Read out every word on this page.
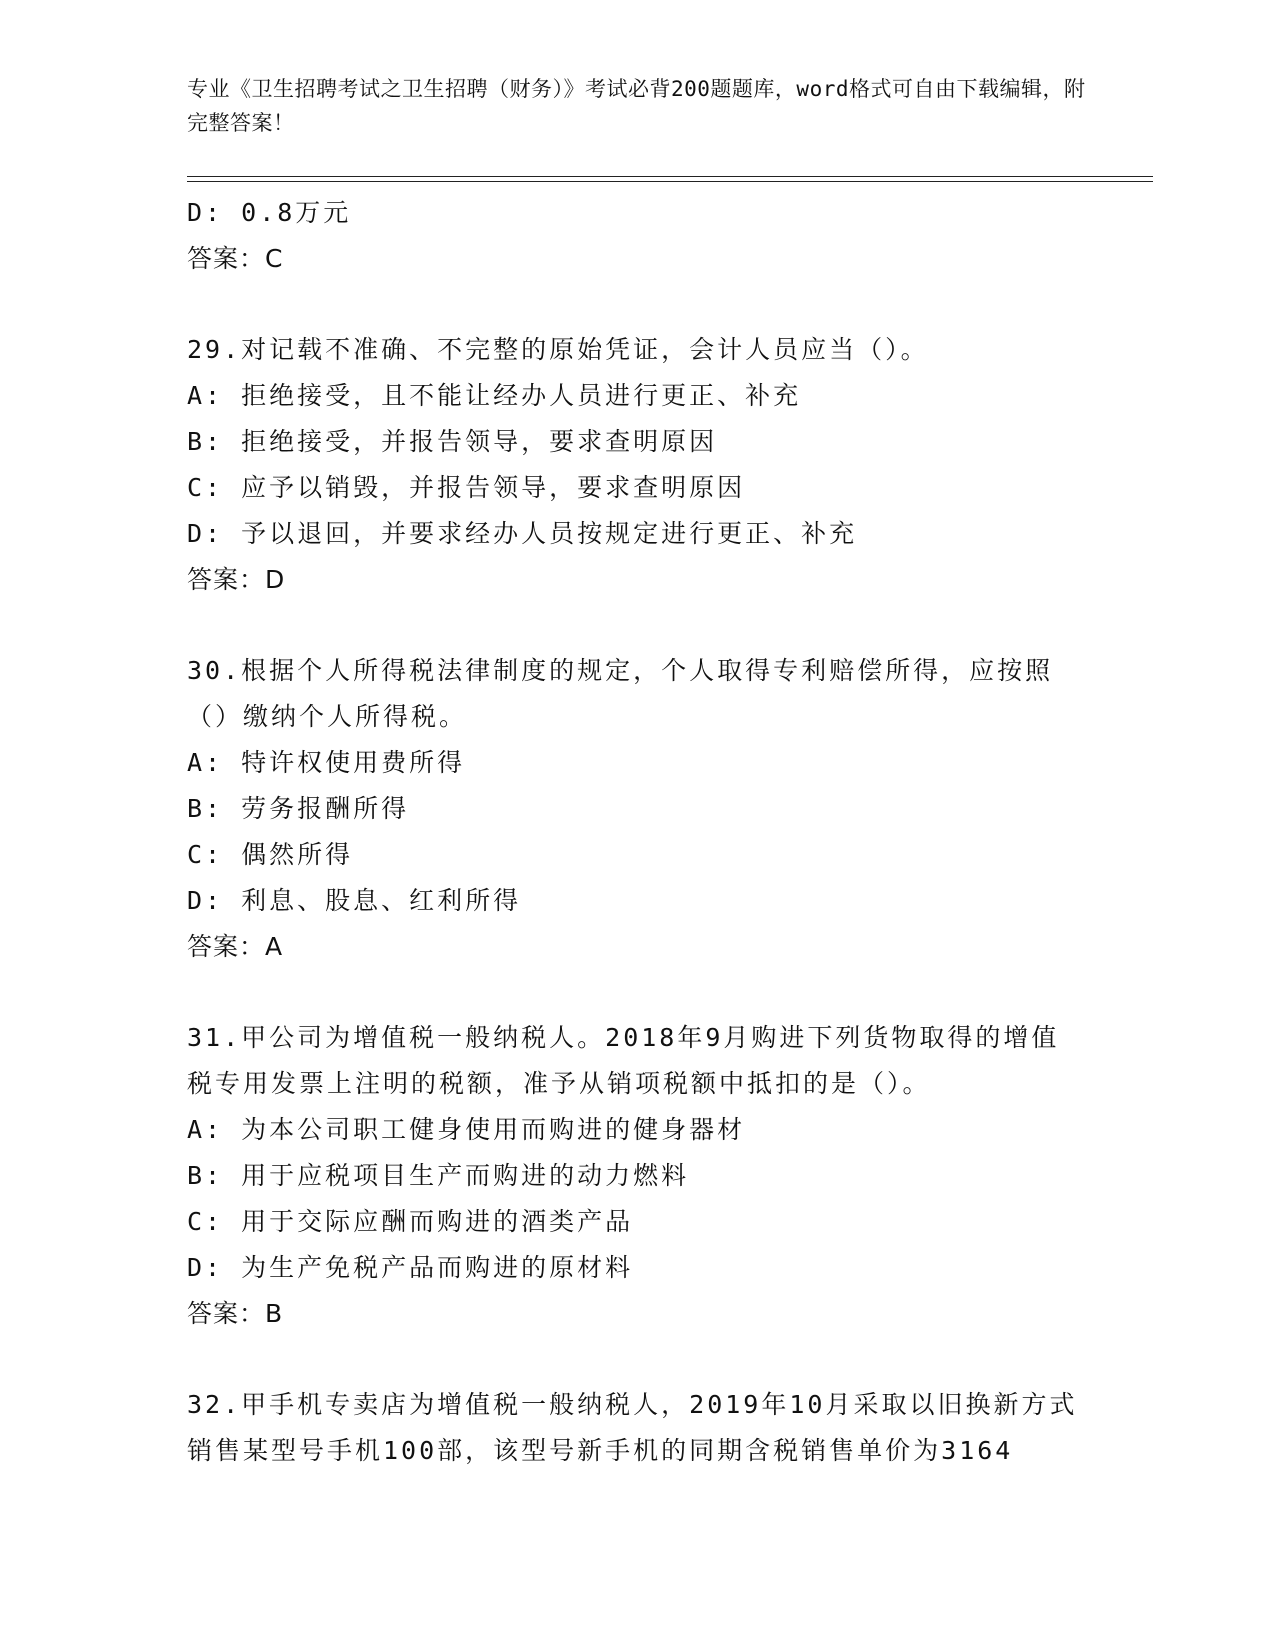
专业《卫生招聘考试之卫生招聘（财务）》考试必背200题题库，word格式可自由下载编辑，附完整答案！
D: 0.8万元
答案：C
29.对记载不准确、不完整的原始凭证，会计人员应当（）。
A: 拒绝接受，且不能让经办人员进行更正、补充
B: 拒绝接受，并报告领导，要求查明原因
C: 应予以销毁，并报告领导，要求查明原因
D: 予以退回，并要求经办人员按规定进行更正、补充
答案：D
30.根据个人所得税法律制度的规定，个人取得专利赔偿所得，应按照（）缴纳个人所得税。
A: 特许权使用费所得
B: 劳务报酬所得
C: 偶然所得
D: 利息、股息、红利所得
答案：A
31.甲公司为增值税一般纳税人。2018年9月购进下列货物取得的增值税专用发票上注明的税额，准予从销项税额中抵扣的是（）。
A: 为本公司职工健身使用而购进的健身器材
B: 用于应税项目生产而购进的动力燃料
C: 用于交际应酬而购进的酒类产品
D: 为生产免税产品而购进的原材料
答案：B
32.甲手机专卖店为增值税一般纳税人，2019年10月采取以旧换新方式销售某型号手机100部，该型号新手机的同期含税销售单价为3164
